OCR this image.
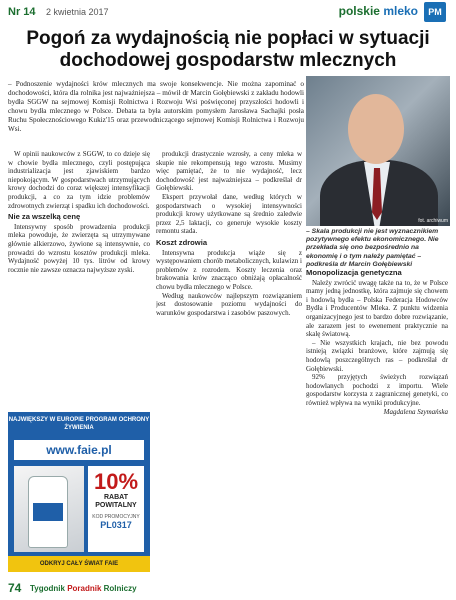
Nr 14 2 kwietnia 2017	polskie mleko	PM
Pogoń za wydajnością nie popłaci w sytuacji dochodowej gospodarstw mlecznych
– Podnoszenie wydajności krów mlecznych ma swoje konsekwencje. Nie można zapominać o dochodowości, która dla rolnika jest najważniejsza – mówił dr Marcin Gołębiewski z zakładu hodowli bydła SGGW na sejmowej Komisji Rolnictwa i Rozwoju Wsi poświęconej przyszłości hodowli i chowu bydła mlecznego w Polsce. Debata ta była autorskim pomysłem Jarosława Sachajki posła Ruchu Społecznościowego Kukiz'15 oraz przewodniczącego sejmowej Komisji Rolnictwa i Rozwoju Wsi.
fot. archiwum
– Skala produkcji nie jest wyznacznikiem pozytywnego efektu ekonomicznego. Nie przekłada się ono bezpośrednio na ekonomię i o tym należy pamiętać – podkreśla dr Marcin Gołębiewski

W opinii naukowców z SGGW, to co dzieje się w chowie bydła mlecznego, czyli postępująca industrializacja jest zjawiskiem bardzo niepokojącym. W gospodarstwach utrzymujących krowy dochodzi do coraz większej intensyfikacji produkcji, a co za tym idzie problemów zdrowotnych zwierząt i spadku ich dochodowości.

Nie za wszelką cenę

Intensywny sposób prowadzenia produkcji mleka powoduje, że zwierzęta są utrzymywane głównie alkierzowo, żywione są intensywnie, co prowadzi do wzrostu kosztów produkcji mleka. Wydajność powyżej 10 tys. litrów od krowy rocznie nie zawsze oznacza najwyższe zyski.

produkcji drastycznie wzrosły, a ceny mleka w skupie nie rekompensują tego wzrostu. Musimy więc pamiętać, że to nie wydajność, lecz dochodowość jest najważniejsza – podkreślał dr Gołębiewski.

Ekspert przywołał dane, według których w gospodarstwach o wysokiej intensywności produkcji krowy użytkowane są średnio zaledwie przez 2,5 laktacji, co generuje wysokie koszty remontu stada.

Koszt zdrowia

Intensywna produkcja wiąże się z występowaniem chorób metabolicznych, kulawizn i problemów z rozrodem. Koszty leczenia oraz brakowania krów znacząco obniżają opłacalność chowu bydła mlecznego w Polsce.

Według naukowców najlepszym rozwiązaniem jest dostosowanie poziomu wydajności do warunków gospodarstwa i zasobów paszowych.

Monopolizacja genetyczna

Naleźy zwrócić uwagę także na to, że w Polsce mamy jedną jednostkę, która zajmuje się chowem i hodowlą bydła – Polska Federacja Hodowców Bydła i Producentów Mleka. Z punktu widzenia organizacyjnego jest to bardzo dobre rozwiązanie, ale zarazem jest to ewenement praktycznie na skalę światową.

– Nie wszystkich krajach, nie bez powodu istnieją związki branżowe, które zajmują się hodowlą poszczególnych ras – podkreślał dr Gołębiewski.

92% przyjętych świeżych rozwiązań hodowlanych pochodzi z importu. Wiele gospodarstw korzysta z zagranicznej genetyki, co również wpływa na wyniki produkcyjne.

Magdalena Szymańska

NAJWIĘKSZY W EUROPIE PROGRAM OCHRONY ŻYWIENIA
www.faie.pl
10%
RABAT POWITALNY
KOD PROMOCYJNY
PL0317
ODKRYJ CAŁY ŚWIAT FAIE
74 Tygodnik Poradnik Rolniczy
